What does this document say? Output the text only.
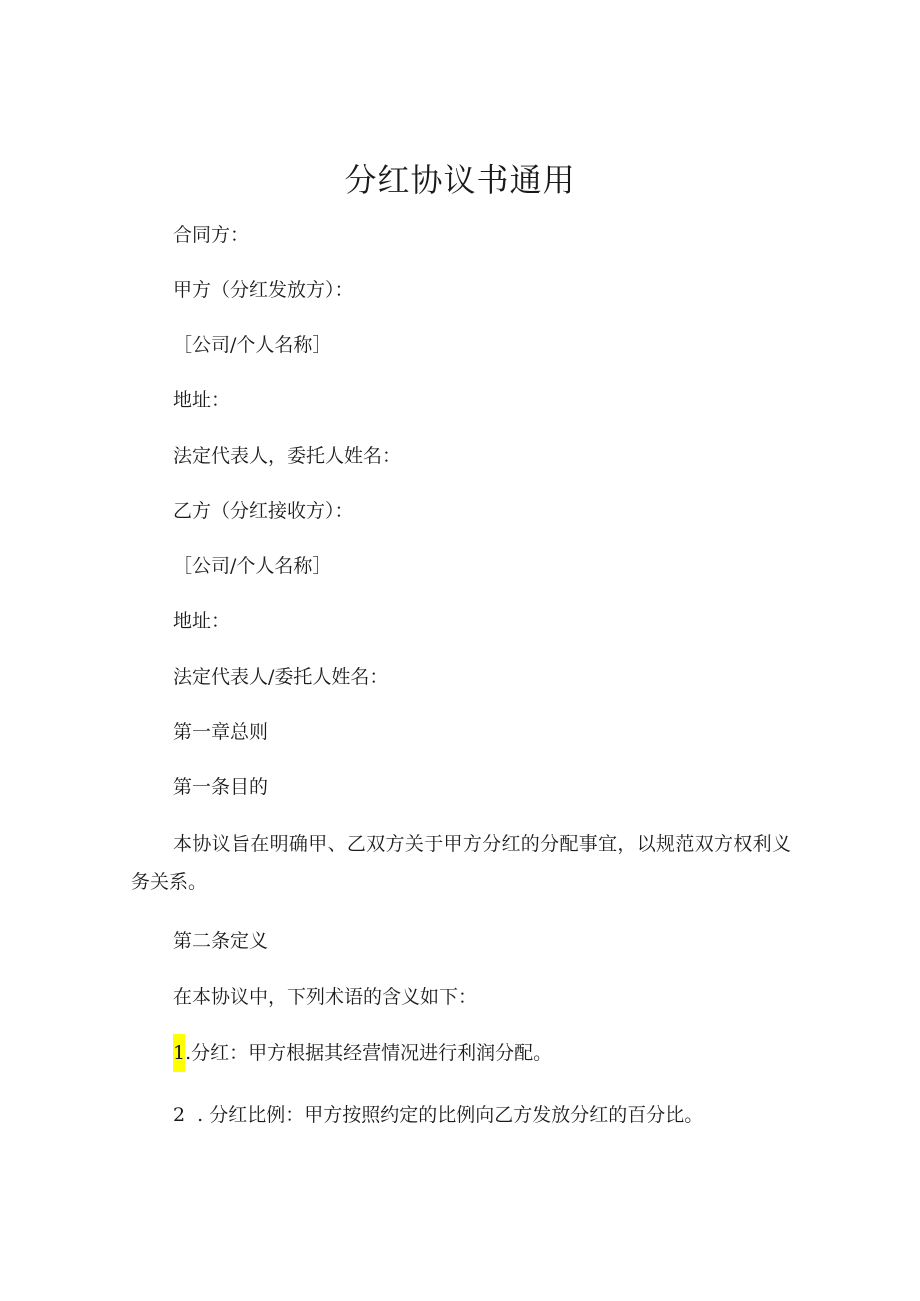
分红协议书通用

合同方：

甲方（分红发放方）：

［公司/个人名称］

地址：

法定代表人，委托人姓名：

乙方（分红接收方）：

［公司/个人名称］

地址：

法定代表人/委托人姓名：

第一章总则

第一条目的

本协议旨在明确甲、乙双方关于甲方分红的分配事宜，以规范双方权利义务关系。

第二条定义

在本协议中，下列术语的含义如下：

1.分红：甲方根据其经营情况进行利润分配。

2  . 分红比例：甲方按照约定的比例向乙方发放分红的百分比。
